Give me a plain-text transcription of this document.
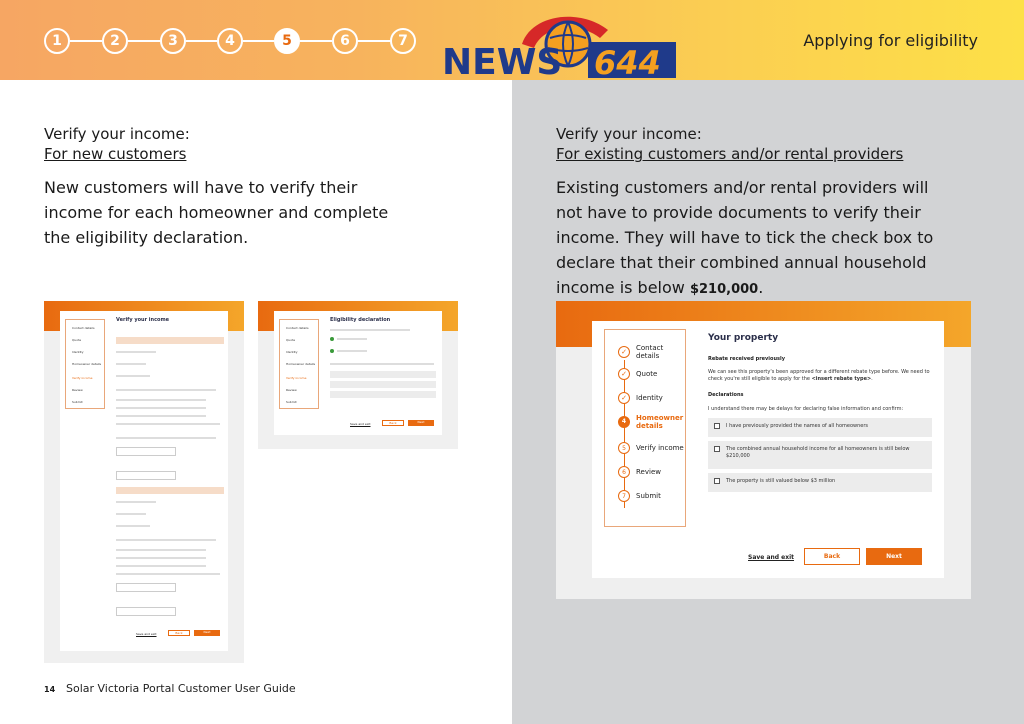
1	2	3	4	5	6	7
NEWS 644
Applying for eligibility
Verify your income:
For new customers
New customers will have to verify their
income for each homeowner and complete
the eligibility declaration.
Verify your income:
For existing customers and/or rental providers
Existing customers and/or rental providers will
not have to provide documents to verify their
income. They will have to tick the check box to
declare that their combined annual household
income is below $210,000.
Contact details
Quote
Identity
Homeowner details
Verify income
Review
Submit
Verify your income
Save and exit	Back	Next
Contact details
Quote
Identity
Homeowner details
Verify income
Review
Submit
Eligibility declaration
Save and exit	Back	Next
✓	Contact details
✓	Quote
✓	Identity
4	Homeowner details
5	Verify income
6	Review
7	Submit
Your property
Rebate received previously
We can see this property's been approved for a different rebate type before. We need to check you're still eligible to apply for the <insert rebate type>.
Declarations
I understand there may be delays for declaring false information and confirm:
I have previously provided the names of all homeowners
The combined annual household income for all homeowners is still below $210,000
The property is still valued below $3 million
Save and exit	Back	Next
14 Solar Victoria Portal Customer User Guide
